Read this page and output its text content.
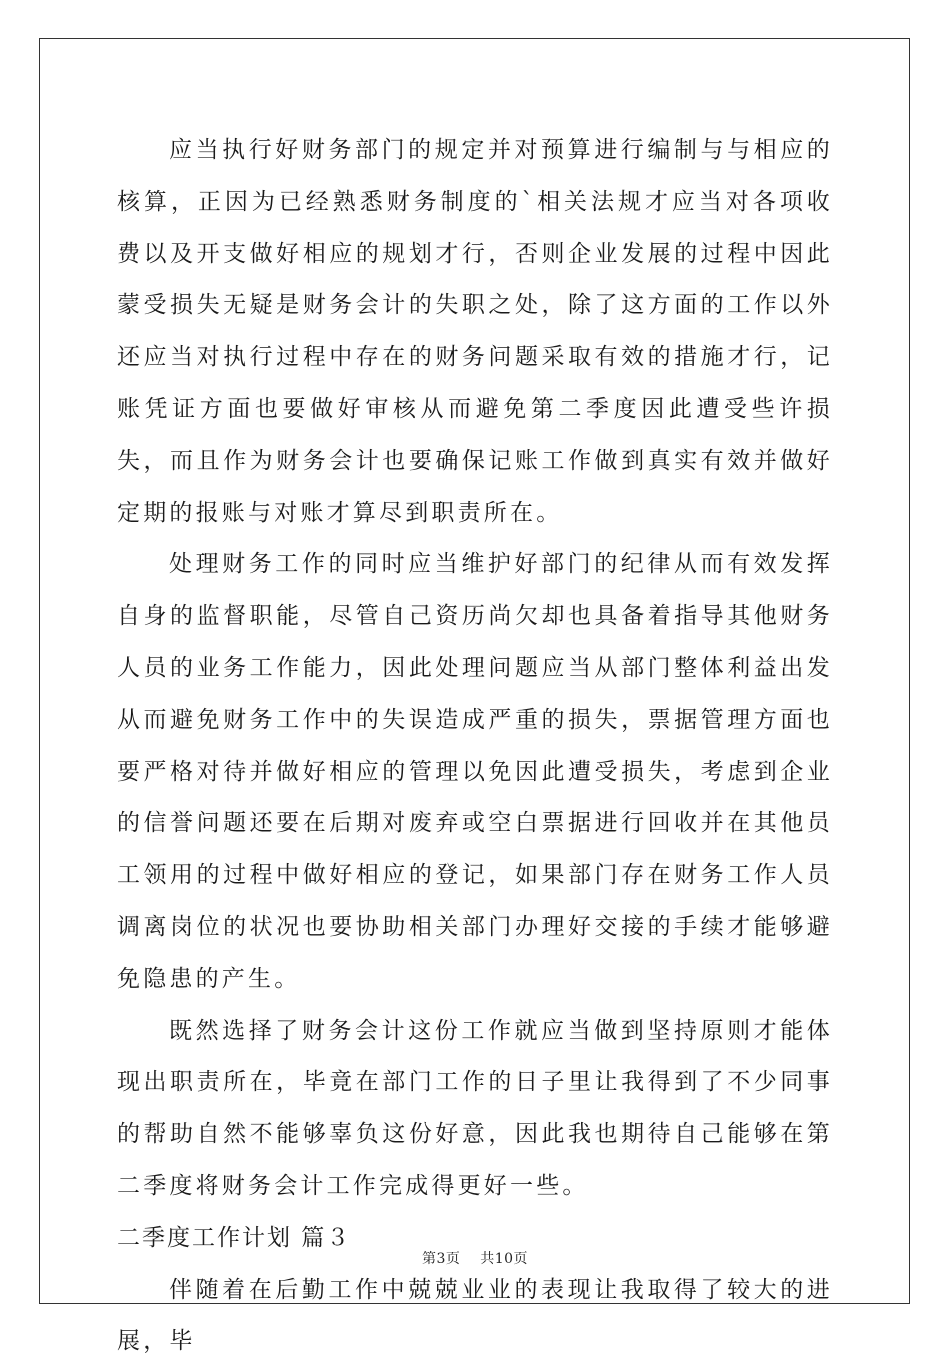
应当执行好财务部门的规定并对预算进行编制与与相应的核算，正因为已经熟悉财务制度的`相关法规才应当对各项收费以及开支做好相应的规划才行，否则企业发展的过程中因此蒙受损失无疑是财务会计的失职之处，除了这方面的工作以外还应当对执行过程中存在的财务问题采取有效的措施才行，记账凭证方面也要做好审核从而避免第二季度因此遭受些许损失，而且作为财务会计也要确保记账工作做到真实有效并做好定期的报账与对账才算尽到职责所在。

处理财务工作的同时应当维护好部门的纪律从而有效发挥自身的监督职能，尽管自己资历尚欠却也具备着指导其他财务人员的业务工作能力，因此处理问题应当从部门整体利益出发从而避免财务工作中的失误造成严重的损失，票据管理方面也要严格对待并做好相应的管理以免因此遭受损失，考虑到企业的信誉问题还要在后期对废弃或空白票据进行回收并在其他员工领用的过程中做好相应的登记，如果部门存在财务工作人员调离岗位的状况也要协助相关部门办理好交接的手续才能够避免隐患的产生。

既然选择了财务会计这份工作就应当做到坚持原则才能体现出职责所在，毕竟在部门工作的日子里让我得到了不少同事的帮助自然不能够辜负这份好意，因此我也期待自己能够在第二季度将财务会计工作完成得更好一些。

二季度工作计划 篇３

伴随着在后勤工作中兢兢业业的表现让我取得了较大的进展，毕

第3页 共10页
